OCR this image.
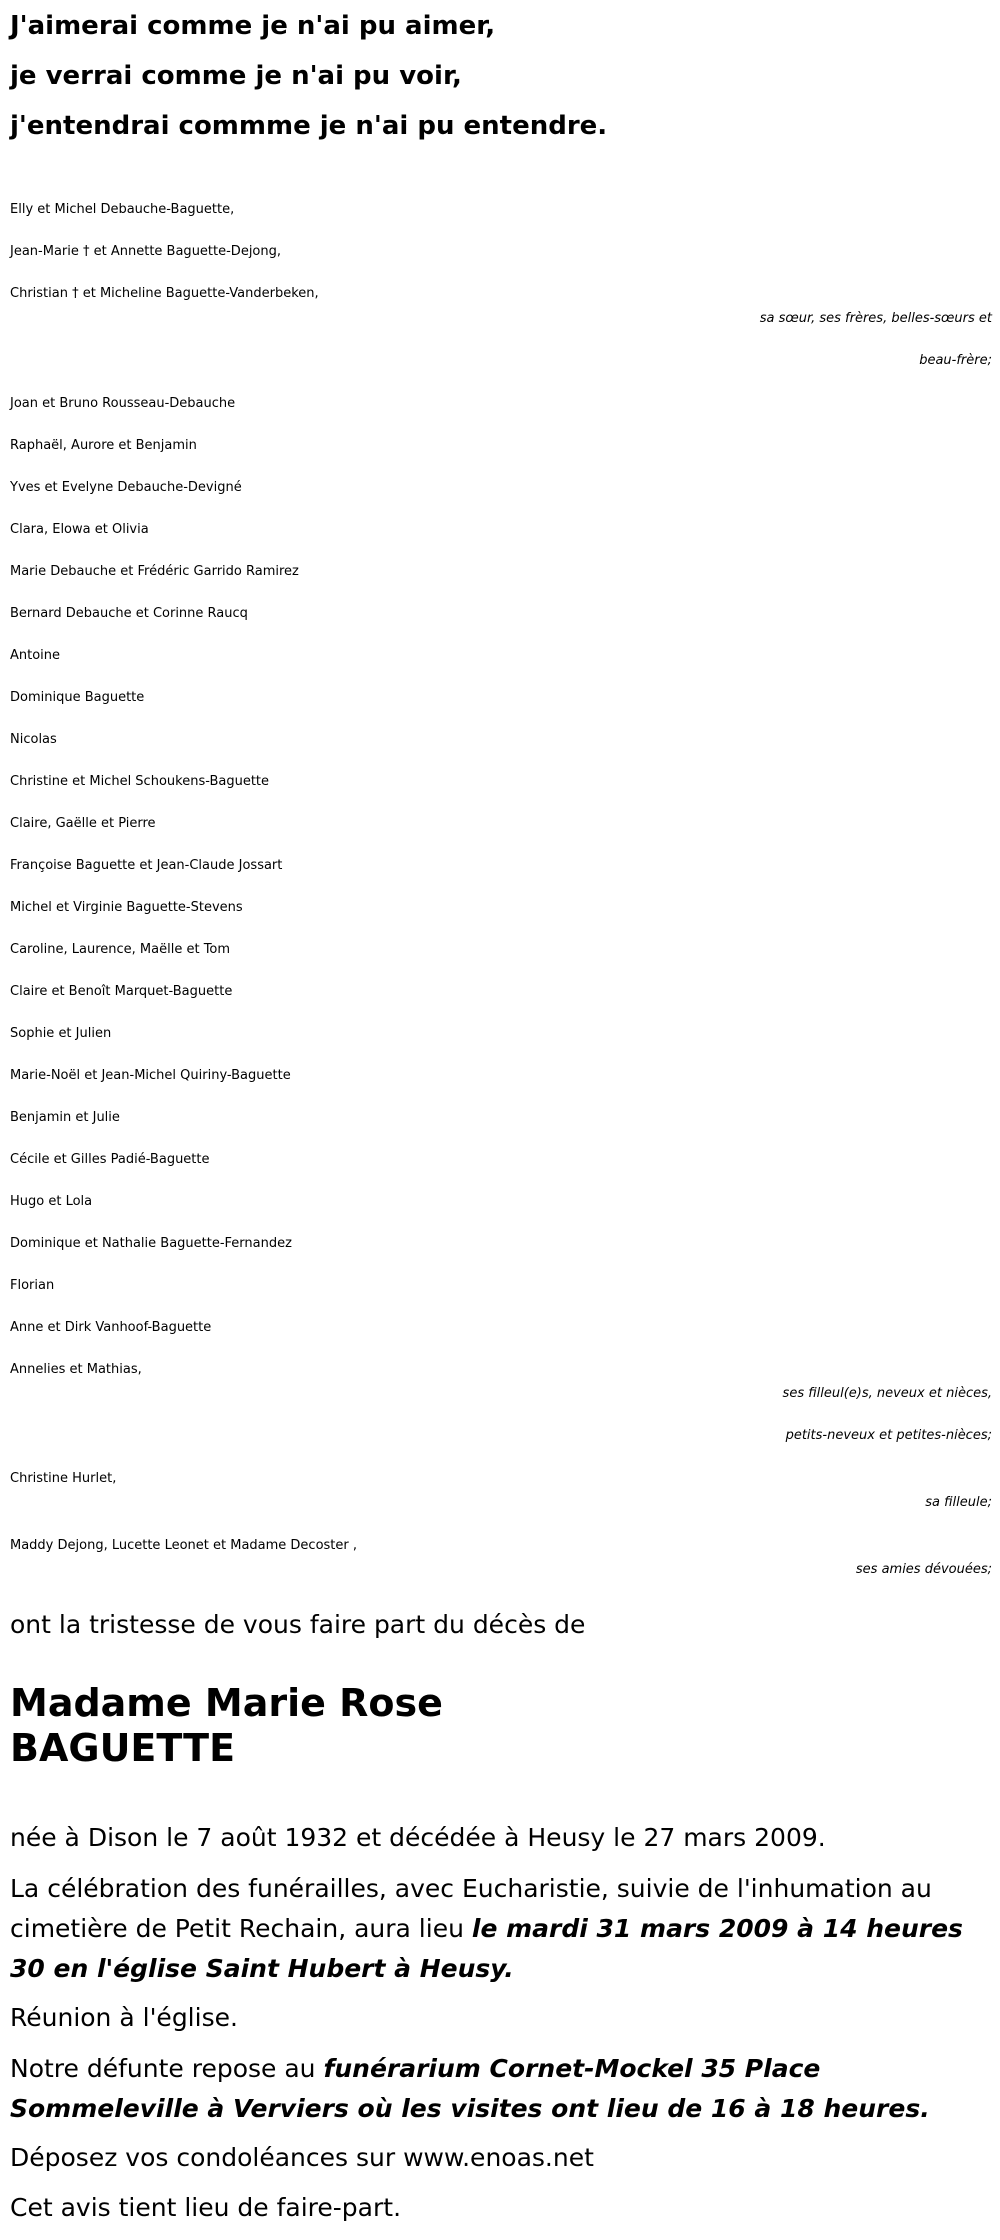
J'aimerai comme je n'ai pu aimer,
je verrai comme je n'ai pu voir,
j'entendrai commme je n'ai pu entendre.
Elly et Michel Debauche-Baguette,
Jean-Marie † et Annette Baguette-Dejong,
Christian † et Micheline Baguette-Vanderbeken,
sa sœur, ses frères, belles-sœurs et
beau-frère;
Joan et Bruno Rousseau-Debauche
Raphaël, Aurore et Benjamin
Yves et Evelyne Debauche-Devigné
Clara, Elowa et Olivia
Marie Debauche et Frédéric Garrido Ramirez
Bernard Debauche et Corinne Raucq
Antoine
Dominique Baguette
Nicolas
Christine et Michel Schoukens-Baguette
Claire, Gaëlle et Pierre
Françoise Baguette et Jean-Claude Jossart
Michel et Virginie Baguette-Stevens
Caroline, Laurence, Maëlle et Tom
Claire et Benoît Marquet-Baguette
Sophie et Julien
Marie-Noël et Jean-Michel Quiriny-Baguette
Benjamin et Julie
Cécile et Gilles Padié-Baguette
Hugo et Lola
Dominique et Nathalie Baguette-Fernandez
Florian
Anne et Dirk Vanhoof-Baguette
Annelies et Mathias,
ses filleul(e)s, neveux et nièces,
petits-neveux et petites-nièces;
Christine Hurlet,
sa filleule;
Maddy Dejong, Lucette Leonet et Madame Decoster ,
ses amies dévouées;
ont la tristesse de vous faire part du décès de
Madame Marie Rose
BAGUETTE
née à Dison le 7 août 1932 et décédée à Heusy le 27 mars 2009.
La célébration des funérailles, avec Eucharistie, suivie de l'inhumation au cimetière de Petit Rechain, aura lieu le mardi 31 mars 2009 à 14 heures 30 en l'église Saint Hubert à Heusy.
Réunion à l'église.
Notre défunte repose au funérarium Cornet-Mockel 35 Place Sommeleville à Verviers où les visites ont lieu de 16 à 18 heures.
Déposez vos condoléances sur www.enoas.net
Cet avis tient lieu de faire-part.
